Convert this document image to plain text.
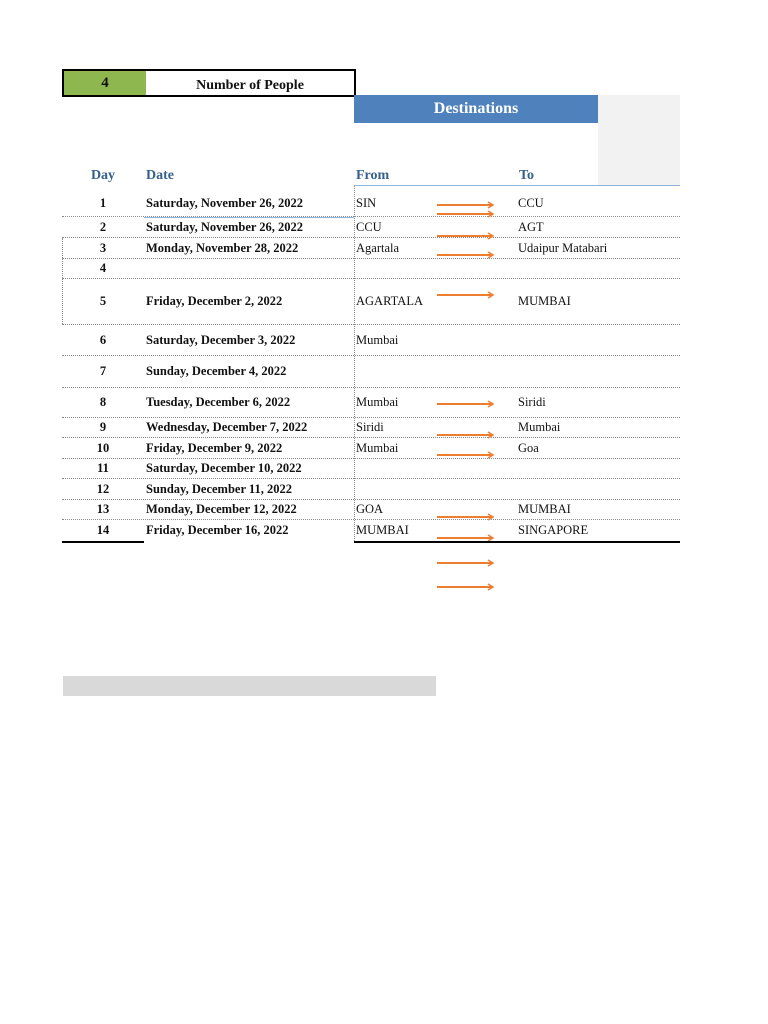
4	Number of People
Destinations
Day	Date	From	To
1	Saturday, November 26, 2022	SIN	CCU
2	Saturday, November 26, 2022	CCU	AGT
3	Monday, November 28, 2022	Agartala	Udaipur Matabari
4
5	Friday, December 2, 2022	AGARTALA	MUMBAI
6	Saturday, December 3, 2022	Mumbai
7	Sunday, December 4, 2022
8	Tuesday, December 6, 2022	Mumbai	Siridi
9	Wednesday, December 7, 2022	Siridi	Mumbai
10	Friday, December 9, 2022	Mumbai	Goa
11	Saturday, December 10, 2022
12	Sunday, December 11, 2022
13	Monday, December 12, 2022	GOA	MUMBAI
14	Friday, December 16, 2022	MUMBAI	SINGAPORE
